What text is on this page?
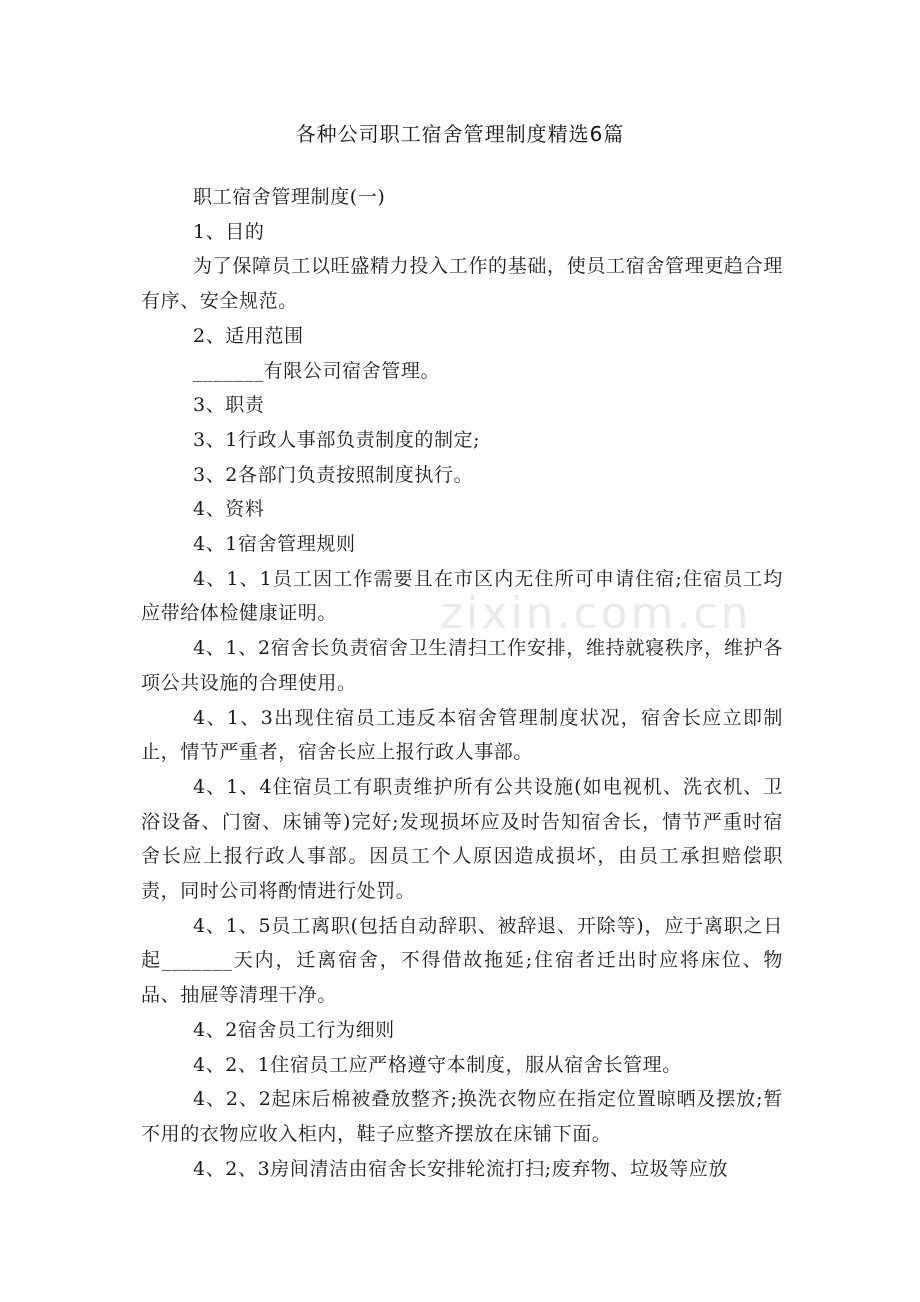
各种公司职工宿舍管理制度精选6篇
zixin.com.cn

职工宿舍管理制度(一)

1、目的

为了保障员工以旺盛精力投入工作的基础，使员工宿舍管理更趋合理有序、安全规范。

2、适用范围

_______有限公司宿舍管理。

3、职责

3、1行政人事部负责制度的制定;

3、2各部门负责按照制度执行。

4、资料

4、1宿舍管理规则

4、1、1员工因工作需要且在市区内无住所可申请住宿;住宿员工均应带给体检健康证明。

4、1、2宿舍长负责宿舍卫生清扫工作安排，维持就寝秩序，维护各项公共设施的合理使用。

4、1、3出现住宿员工违反本宿舍管理制度状况，宿舍长应立即制止，情节严重者，宿舍长应上报行政人事部。

4、1、4住宿员工有职责维护所有公共设施(如电视机、洗衣机、卫浴设备、门窗、床铺等)完好;发现损坏应及时告知宿舍长，情节严重时宿舍长应上报行政人事部。因员工个人原因造成损坏，由员工承担赔偿职责，同时公司将酌情进行处罚。

4、1、5员工离职(包括自动辞职、被辞退、开除等)，应于离职之日起_______天内，迁离宿舍，不得借故拖延;住宿者迁出时应将床位、物品、抽屉等清理干净。

4、2宿舍员工行为细则

4、2、1住宿员工应严格遵守本制度，服从宿舍长管理。

4、2、2起床后棉被叠放整齐;换洗衣物应在指定位置晾晒及摆放;暂不用的衣物应收入柜内，鞋子应整齐摆放在床铺下面。

4、2、3房间清洁由宿舍长安排轮流打扫;废弃物、垃圾等应放
